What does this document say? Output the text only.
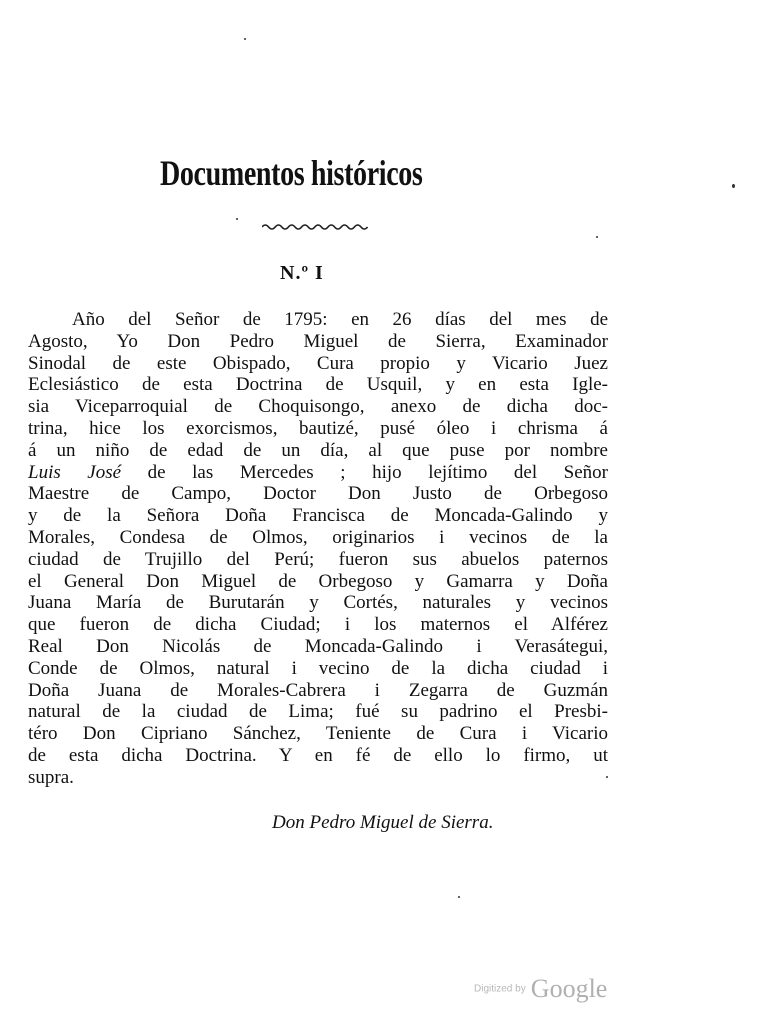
Documentos históricos
N.º I
Año del Señor de 1795: en 26 días del mes de
Agosto, Yo Don Pedro Miguel de Sierra, Examinador
Sinodal de este Obispado, Cura propio y Vicario Juez
Eclesiástico de esta Doctrina de Usquil, y en esta Igle-
sia Viceparroquial de Choquisongo, anexo de dicha doc-
trina, hice los exorcismos, bautizé, pusé óleo i chrisma á
á un niño de edad de un día, al que puse por nombre
Luis José de las Mercedes ; hijo lejítimo del Señor
Maestre de Campo, Doctor Don Justo de Orbegoso
y de la Señora Doña Francisca de Moncada-Galindo y
Morales, Condesa de Olmos, originarios i vecinos de la
ciudad de Trujillo del Perú; fueron sus abuelos paternos
el General Don Miguel de Orbegoso y Gamarra y Doña
Juana María de Burutarán y Cortés, naturales y vecinos
que fueron de dicha Ciudad; i los maternos el Alférez
Real Don Nicolás de Moncada-Galindo i Verasátegui,
Conde de Olmos, natural i vecino de la dicha ciudad i
Doña Juana de Morales-Cabrera i Zegarra de Guzmán
natural de la ciudad de Lima; fué su padrino el Presbi-
téro Don Cipriano Sánchez, Teniente de Cura i Vicario
de esta dicha Doctrina. Y en fé de ello lo firmo, ut
supra.
Don Pedro Miguel de Sierra.
Digitized by Google
